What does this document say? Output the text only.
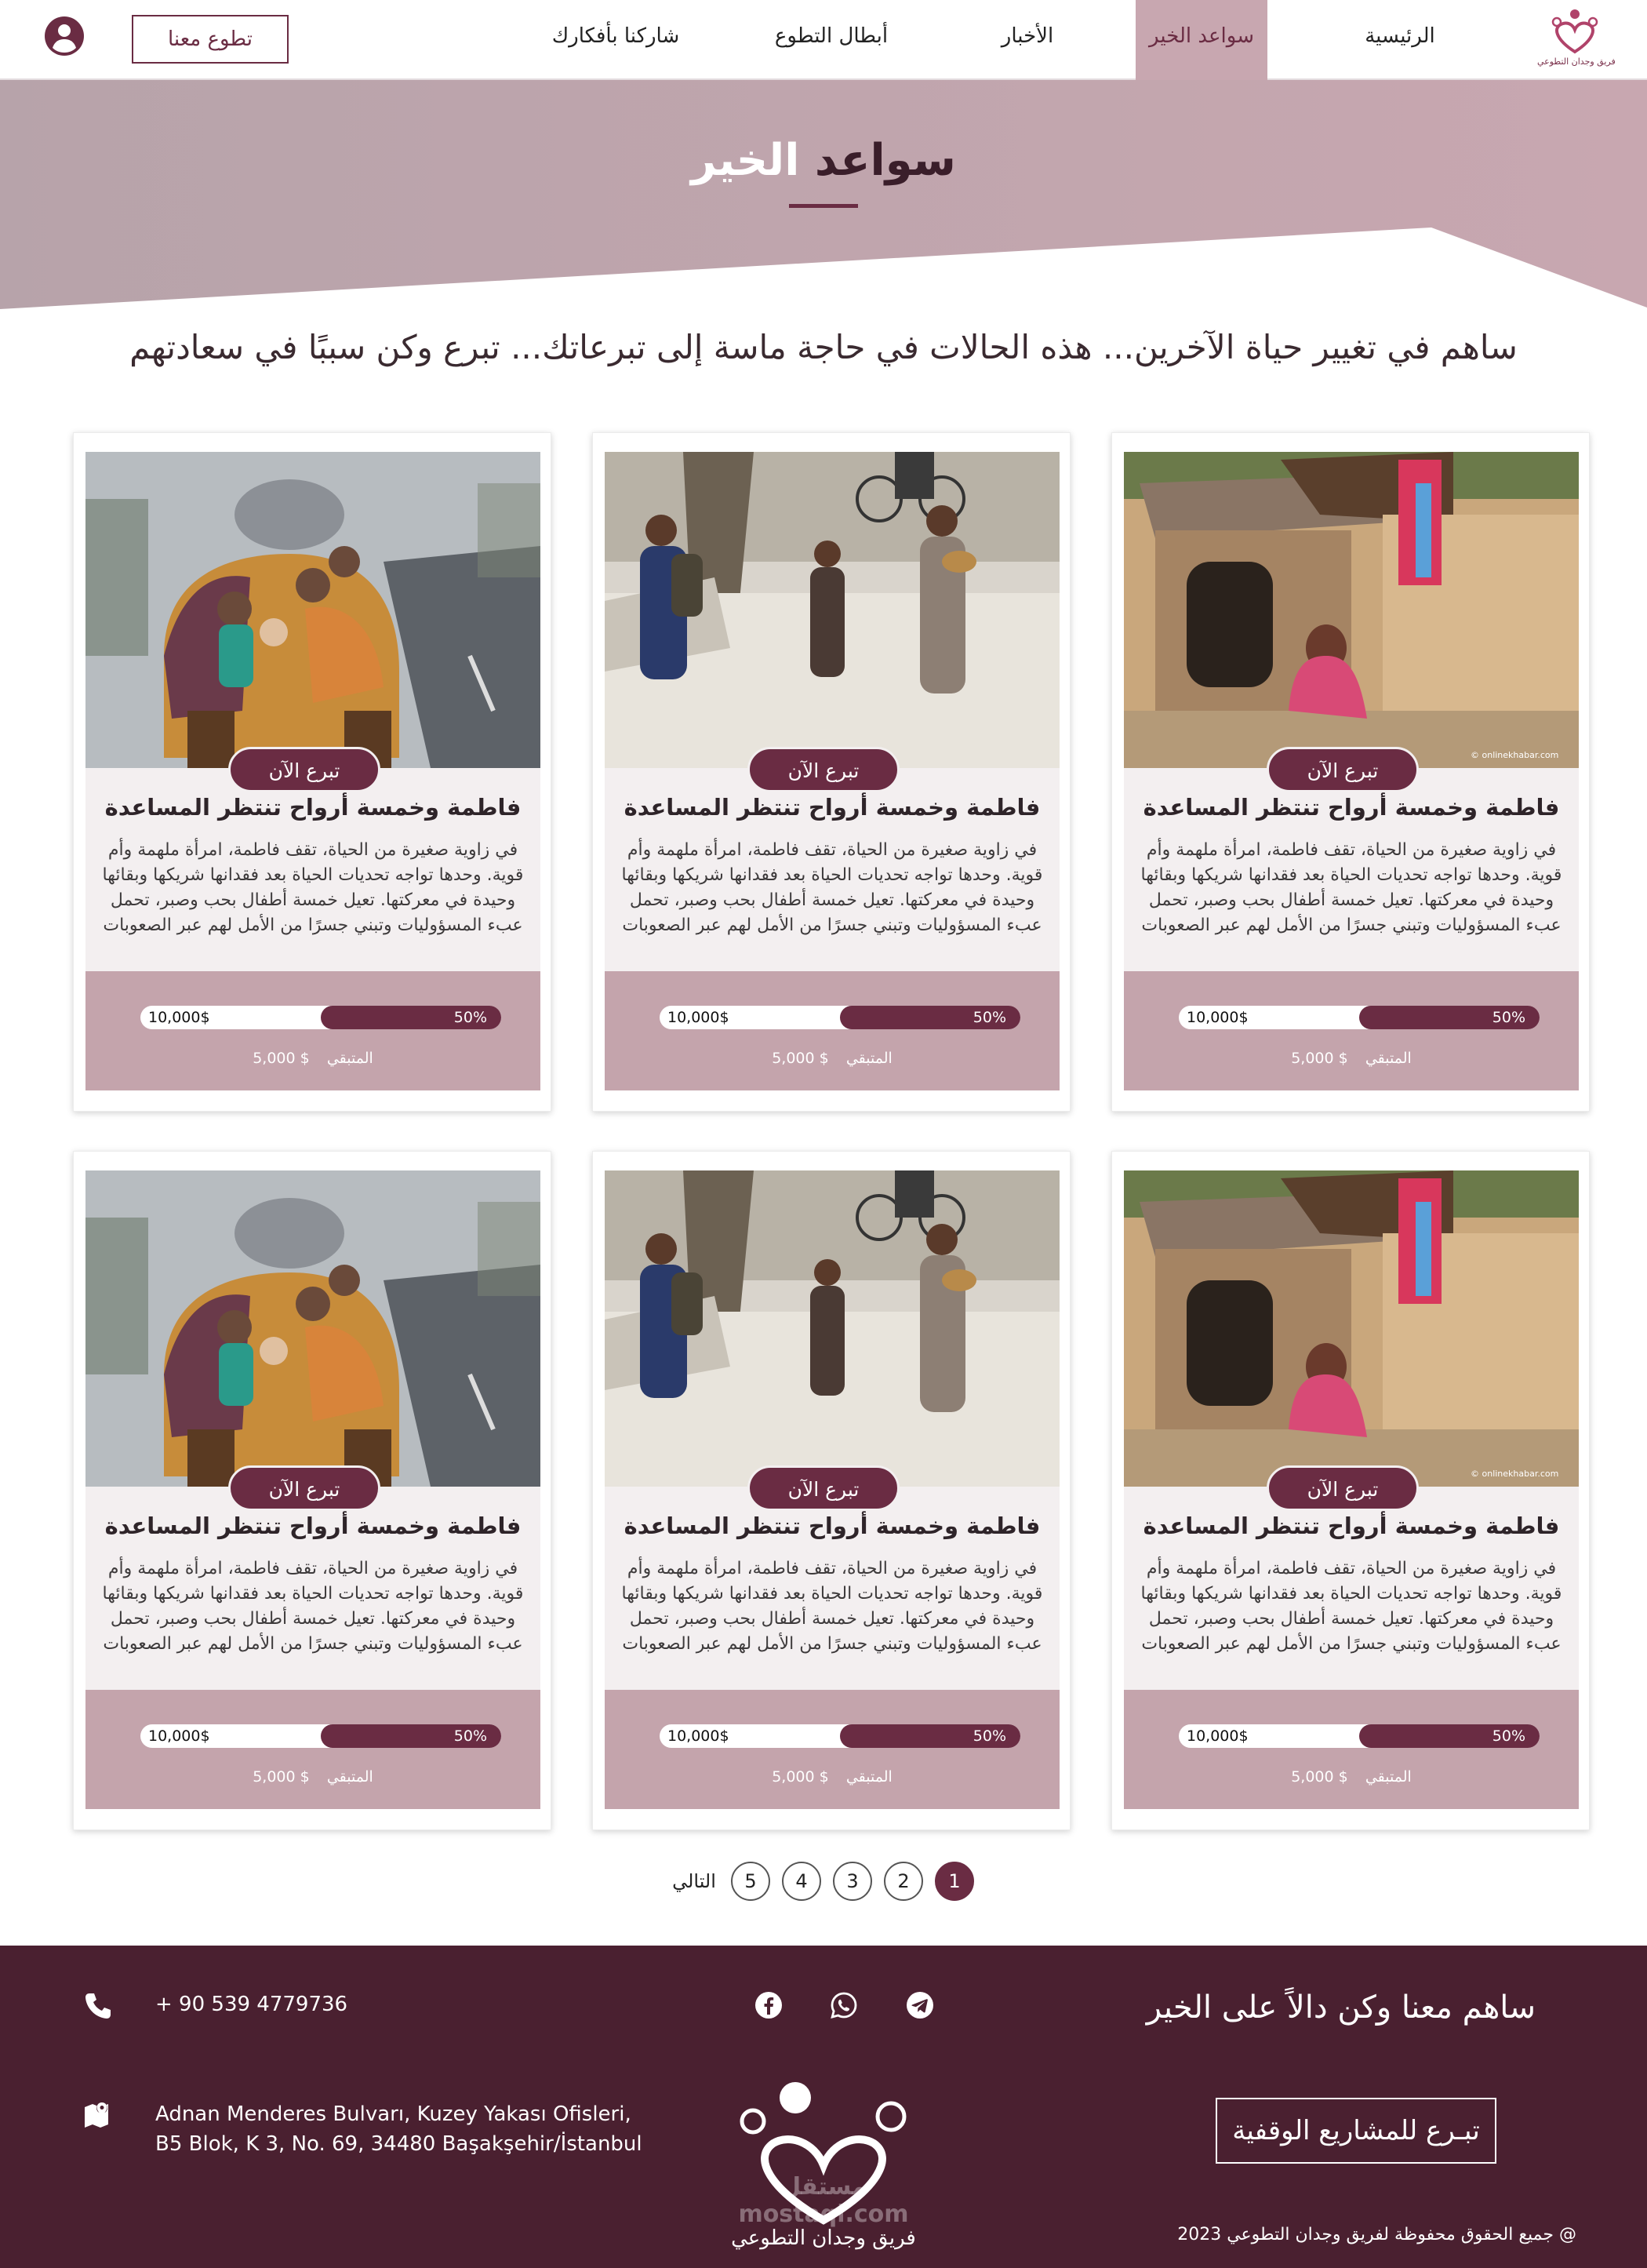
فريق وجدان التطوعي
الرئيسية
سواعد الخير
الأخبار
أبطال التطوع
شاركنا بأفكارك
تطوع معنا
سواعد الخير
ساهم في تغيير حياة الآخرين... هذه الحالات في حاجة ماسة إلى تبرعاتك... تبرع وكن سببًا في سعادتهم
© onlinekhabar.com
تبرع الآن
فاطمة وخمسة أرواح تنتظر المساعدة
في زاوية صغيرة من الحياة، تقف فاطمة، امرأة ملهمة وأم قوية. وحدها تواجه تحديات الحياة بعد فقدانها شريكها وبقائها وحيدة في معركتها. تعيل خمسة أطفال بحب وصبر، تحمل عبء المسؤوليات وتبني جسرًا من الأمل لهم عبر الصعوبات
10,000$	50%
المتبقي $ 5,000
تبرع الآن
فاطمة وخمسة أرواح تنتظر المساعدة
في زاوية صغيرة من الحياة، تقف فاطمة، امرأة ملهمة وأم قوية. وحدها تواجه تحديات الحياة بعد فقدانها شريكها وبقائها وحيدة في معركتها. تعيل خمسة أطفال بحب وصبر، تحمل عبء المسؤوليات وتبني جسرًا من الأمل لهم عبر الصعوبات
10,000$	50%
المتبقي $ 5,000
تبرع الآن
فاطمة وخمسة أرواح تنتظر المساعدة
في زاوية صغيرة من الحياة، تقف فاطمة، امرأة ملهمة وأم قوية. وحدها تواجه تحديات الحياة بعد فقدانها شريكها وبقائها وحيدة في معركتها. تعيل خمسة أطفال بحب وصبر، تحمل عبء المسؤوليات وتبني جسرًا من الأمل لهم عبر الصعوبات
10,000$	50%
المتبقي $ 5,000
© onlinekhabar.com
تبرع الآن
فاطمة وخمسة أرواح تنتظر المساعدة
في زاوية صغيرة من الحياة، تقف فاطمة، امرأة ملهمة وأم قوية. وحدها تواجه تحديات الحياة بعد فقدانها شريكها وبقائها وحيدة في معركتها. تعيل خمسة أطفال بحب وصبر، تحمل عبء المسؤوليات وتبني جسرًا من الأمل لهم عبر الصعوبات
10,000$	50%
المتبقي $ 5,000
تبرع الآن
فاطمة وخمسة أرواح تنتظر المساعدة
في زاوية صغيرة من الحياة، تقف فاطمة، امرأة ملهمة وأم قوية. وحدها تواجه تحديات الحياة بعد فقدانها شريكها وبقائها وحيدة في معركتها. تعيل خمسة أطفال بحب وصبر، تحمل عبء المسؤوليات وتبني جسرًا من الأمل لهم عبر الصعوبات
10,000$	50%
المتبقي $ 5,000
تبرع الآن
فاطمة وخمسة أرواح تنتظر المساعدة
في زاوية صغيرة من الحياة، تقف فاطمة، امرأة ملهمة وأم قوية. وحدها تواجه تحديات الحياة بعد فقدانها شريكها وبقائها وحيدة في معركتها. تعيل خمسة أطفال بحب وصبر، تحمل عبء المسؤوليات وتبني جسرًا من الأمل لهم عبر الصعوبات
10,000$	50%
المتبقي $ 5,000
1
2
3
4
5
التالي
ساهم معنا وكن دالاً على الخير
تبـرع للمشاريع الوقفية
@ جميع الحقوق محفوظة لفريق وجدان التطوعي 2023
+ 90 539 4779736
Adnan Menderes Bulvarı, Kuzey Yakası Ofisleri,
B5 Blok, K 3, No. 69, 34480 Başakşehir/İstanbul
مستقل mostaql.com
فريق وجدان التطوعي
